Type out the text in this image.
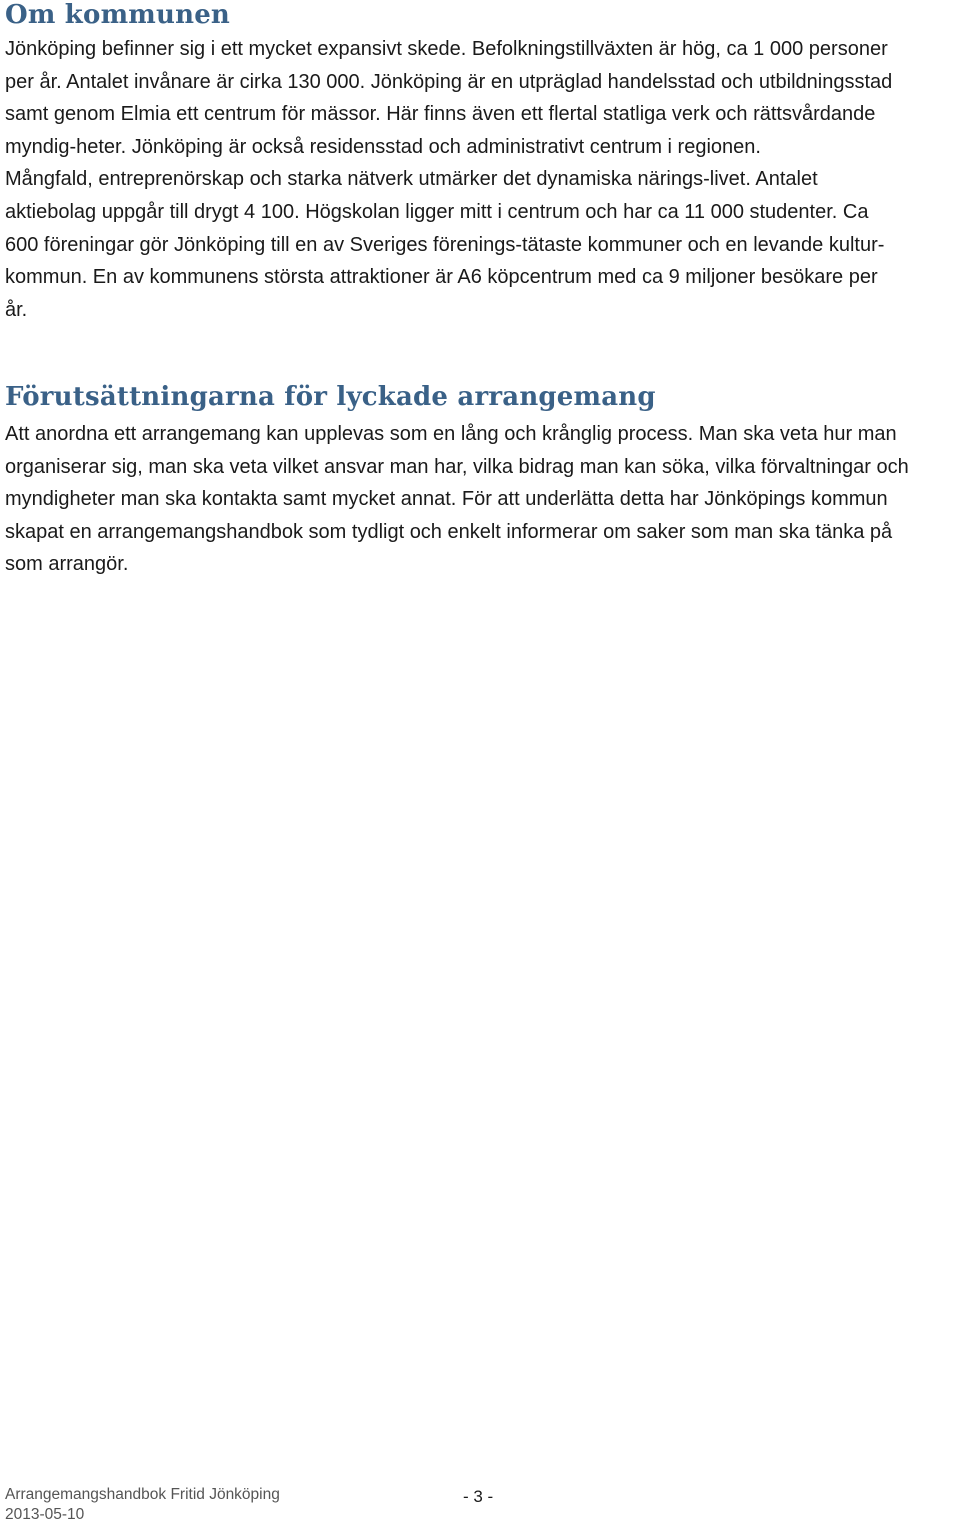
Om kommunen

Jönköping befinner sig i ett mycket expansivt skede. Befolkningstillväxten är hög, ca 1 000 personer
per år. Antalet invånare är cirka 130 000. Jönköping är en utpräglad handelsstad och utbildningsstad
samt genom Elmia ett centrum för mässor. Här finns även ett flertal statliga verk och rättsvårdande
myndig-heter. Jönköping är också residensstad och administrativt centrum i regionen.
Mångfald, entreprenörskap och starka nätverk utmärker det dynamiska närings-livet. Antalet
aktiebolag uppgår till drygt 4 100. Högskolan ligger mitt i centrum och har ca 11 000 studenter. Ca
600 föreningar gör Jönköping till en av Sveriges förenings-tätaste kommuner och en levande kultur-
kommun. En av kommunens största attraktioner är A6 köpcentrum med ca 9 miljoner besökare per
år.

Förutsättningarna för lyckade arrangemang

Att anordna ett arrangemang kan upplevas som en lång och krånglig process. Man ska veta hur man
organiserar sig, man ska veta vilket ansvar man har, vilka bidrag man kan söka, vilka förvaltningar och
myndigheter man ska kontakta samt mycket annat. För att underlätta detta har Jönköpings kommun
skapat en arrangemangshandbok som tydligt och enkelt informerar om saker som man ska tänka på
som arrangör.

Arrangemangshandbok Fritid Jönköping
2013-05-10
- 3 -
